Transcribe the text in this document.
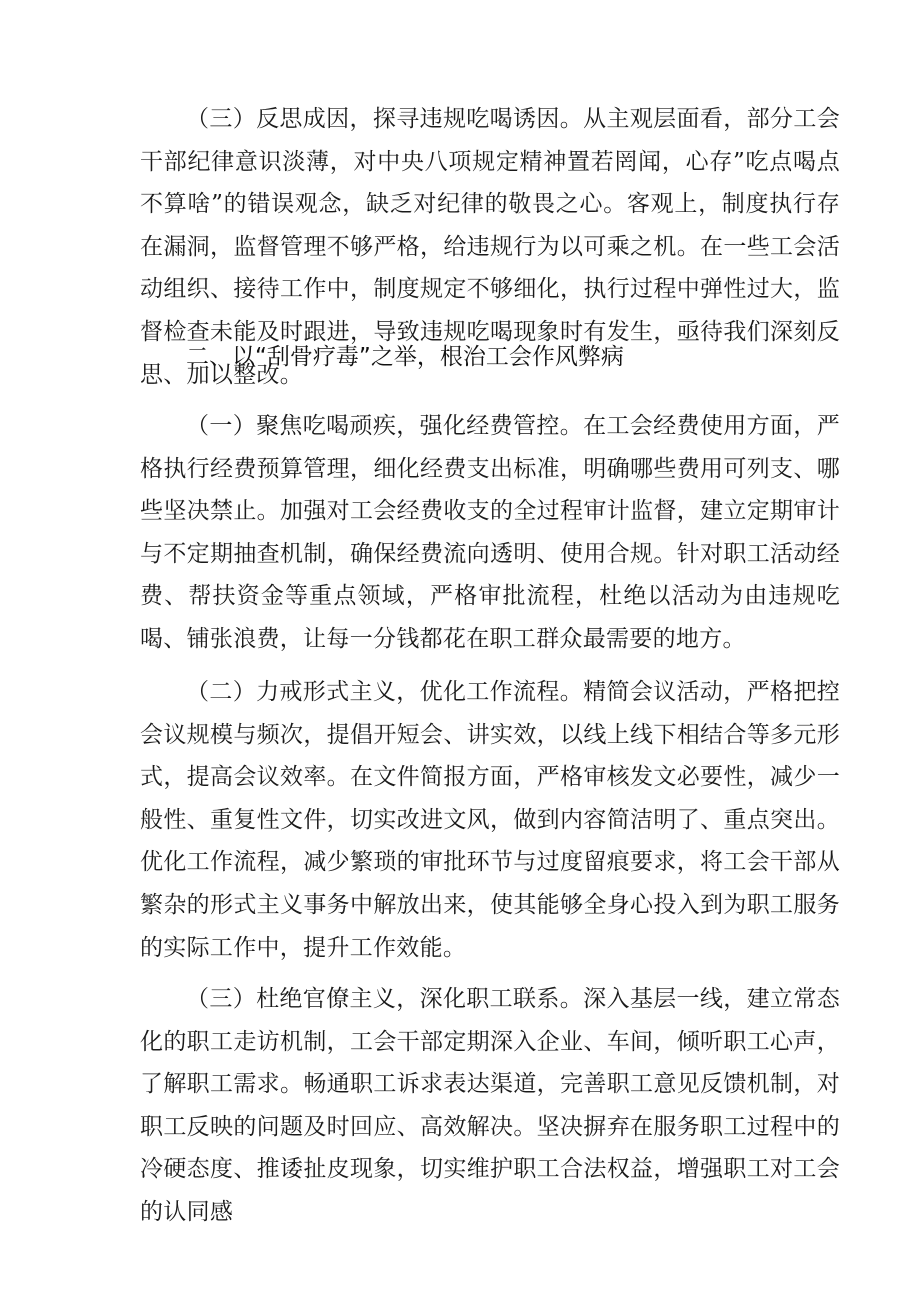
（三）反思成因，探寻违规吃喝诱因。从主观层面看，部分工会干部纪律意识淡薄，对中央八项规定精神置若罔闻，心存”吃点喝点不算啥”的错误观念，缺乏对纪律的敬畏之心。客观上，制度执行存在漏洞，监督管理不够严格，给违规行为以可乘之机。在一些工会活动组织、接待工作中，制度规定不够细化，执行过程中弹性过大，监督检查未能及时跟进，导致违规吃喝现象时有发生，亟待我们深刻反思、加以整改。

二、以“刮骨疗毒”之举，根治工会作风弊病

（一）聚焦吃喝顽疾，强化经费管控。在工会经费使用方面，严格执行经费预算管理，细化经费支出标准，明确哪些费用可列支、哪些坚决禁止。加强对工会经费收支的全过程审计监督，建立定期审计与不定期抽查机制，确保经费流向透明、使用合规。针对职工活动经费、帮扶资金等重点领域，严格审批流程，杜绝以活动为由违规吃喝、铺张浪费，让每一分钱都花在职工群众最需要的地方。

（二）力戒形式主义，优化工作流程。精简会议活动，严格把控会议规模与频次，提倡开短会、讲实效，以线上线下相结合等多元形式，提高会议效率。在文件简报方面，严格审核发文必要性，减少一般性、重复性文件，切实改进文风，做到内容简洁明了、重点突出。优化工作流程，减少繁琐的审批环节与过度留痕要求，将工会干部从繁杂的形式主义事务中解放出来，使其能够全身心投入到为职工服务的实际工作中，提升工作效能。

（三）杜绝官僚主义，深化职工联系。深入基层一线，建立常态化的职工走访机制，工会干部定期深入企业、车间，倾听职工心声，了解职工需求。畅通职工诉求表达渠道，完善职工意见反馈机制，对职工反映的问题及时回应、高效解决。坚决摒弃在服务职工过程中的冷硬态度、推诿扯皮现象，切实维护职工合法权益，增强职工对工会的认同感
